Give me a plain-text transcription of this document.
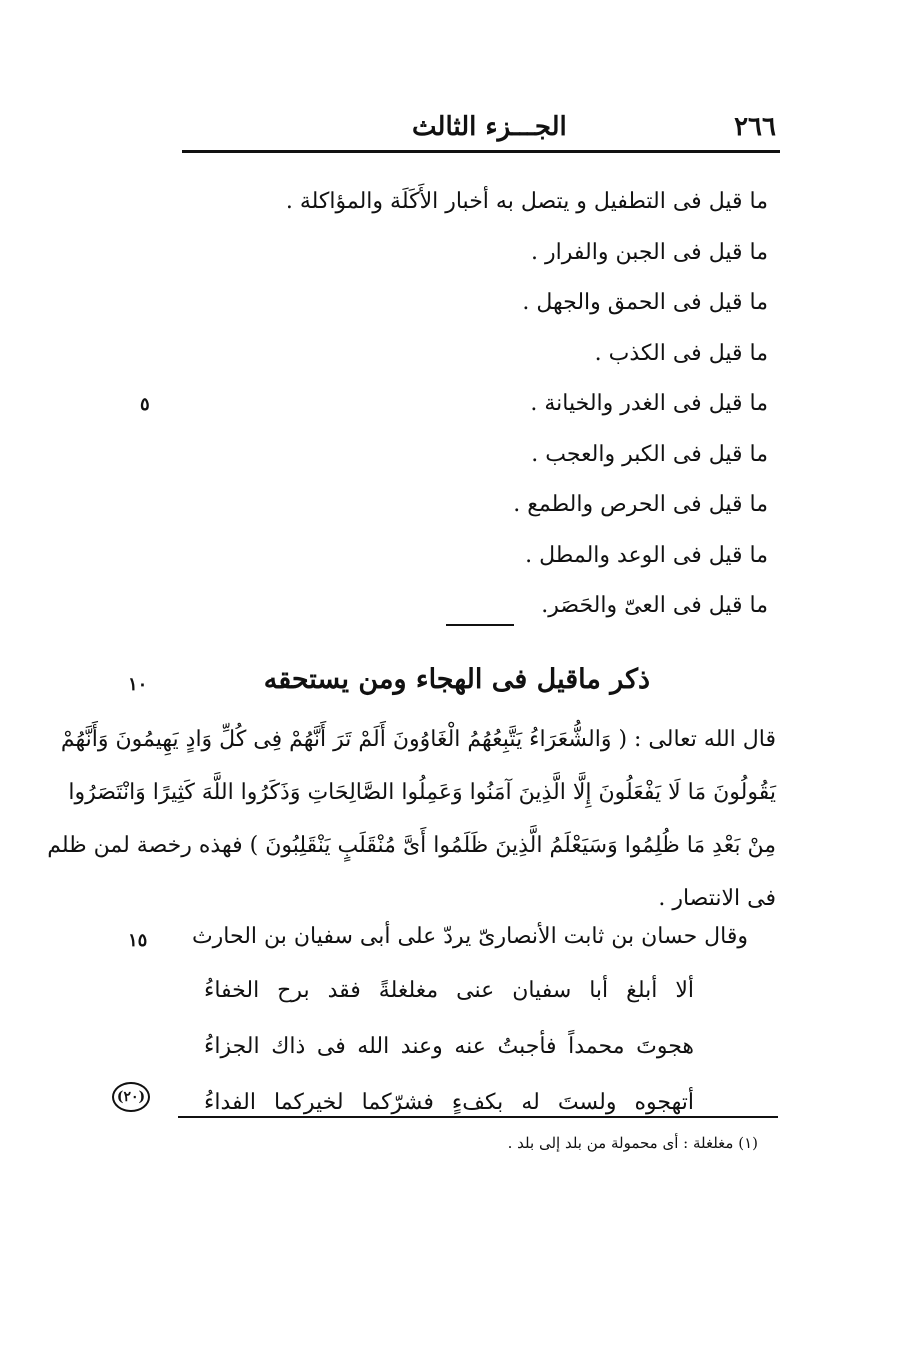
٢٦٦
الجـــزء الثالث
ما قيل فى التطفيل و يتصل به أخبار الأَكَلَة والمؤاكلة .
ما قيل فى الجبن والفرار .
ما قيل فى الحمق والجهل .
ما قيل فى الكذب .
ما قيل فى الغدر والخيانة .
ما قيل فى الكبر والعجب .
ما قيل فى الحرص والطمع .
ما قيل فى الوعد والمطل .
ما قيل فى العىّ والحَصَر.
٥
ذكر ماقيل فى الهجاء ومن يستحقه
١٠
قال الله تعالى : ( وَالشُّعَرَاءُ يَتَّبِعُهُمُ الْغَاوُونَ أَلَمْ تَرَ أَنَّهُمْ فِى كُلِّ وَادٍ يَهِيمُونَ وَأَنَّهُمْ
يَقُولُونَ مَا لَا يَفْعَلُونَ إِلَّا الَّذِينَ آمَنُوا وَعَمِلُوا الصَّالِحَاتِ وَذَكَرُوا اللَّهَ كَثِيرًا وَانْتَصَرُوا
مِنْ بَعْدِ مَا ظُلِمُوا وَسَيَعْلَمُ الَّذِينَ ظَلَمُوا أَىَّ مُنْقَلَبٍ يَنْقَلِبُونَ ) فهذه رخصة لمن ظلم
فى الانتصار .
وقال حسان بن ثابت الأنصارىّ يردّ على أبى سفيان بن الحارث
١٥
ألا أبلغ أبا سفيان عنى مغلغلةً فقد برح الخفاءُ
هجوتَ محمداً فأجبتُ عنه وعند الله فى ذاك الجزاءُ
أتهجوه ولستَ له بكفءٍ فشرّكما لخيركما الفداءُ
(٢٠)
(١) مغلغلة : أى محمولة من بلد إلى بلد .
